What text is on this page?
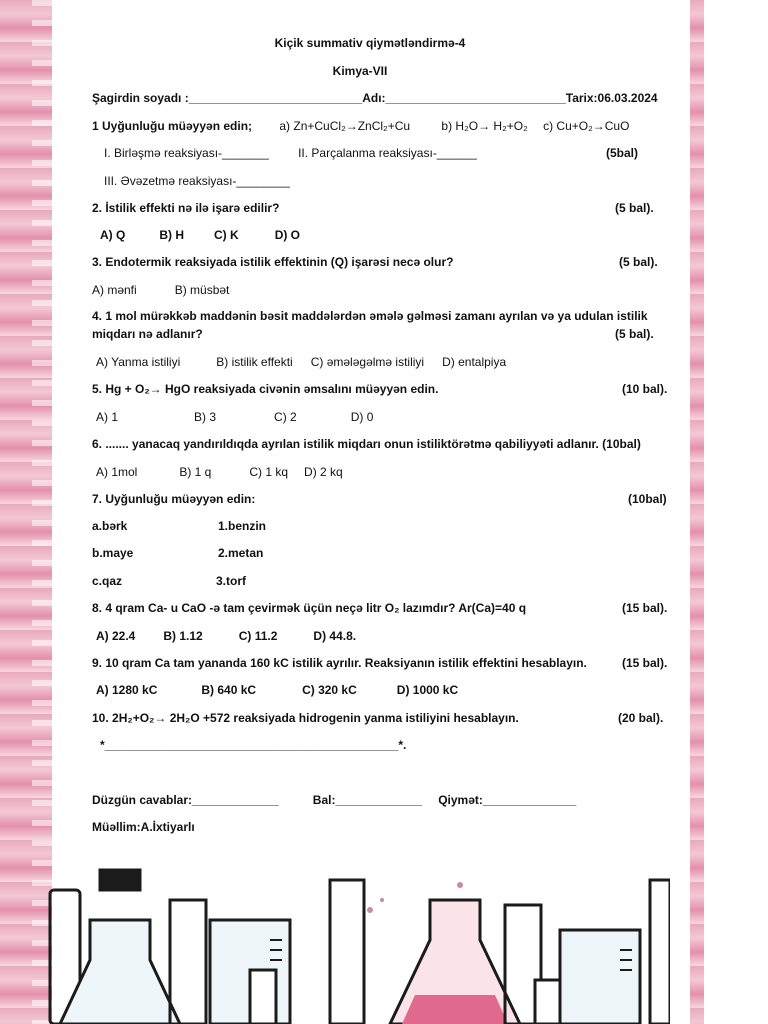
Kiçik summativ qiymətləndirmə-4
Kimya-VII
Şagirdin soyadı :__________________________Adı:___________________________Tarix:06.03.2024
1 Uyğunluğu müəyyən edin; a) Zn+CuCl₂→ZnCl₂+Cu	b) H₂O→ H₂+O₂ c) Cu+O₂→CuO
I. Birləşmə reaksiyası-_______ II. Parçalanma reaksiyası-______	(5bal)
III. Əvəzetmə reaksiyası-________
2. İstilik effekti nə ilə işarə edilir?	(5 bal).
A) Q	B) H	C) K	D) O
3. Endotermik reaksiyada istilik effektinin (Q) işarəsi necə olur?	(5 bal).
A) mənfi	B) müsbət
4. 1 mol mürəkkəb maddənin bəsit maddələrdən əmələ gəlməsi zamanı ayrılan və ya udulan istilik
miqdarı nə adlanır?	(5 bal).
A) Yanma istiliyi	B) istilik effekti C) əmələgəlmə istiliyi D) entalpiya
5. Hg + O₂→ HgO reaksiyada civənin əmsalını müəyyən edin.	(10 bal).
A) 1	B) 3	C) 2	D) 0
6. ....... yanacaq yandırıldıqda ayrılan istilik miqdarı onun istiliktörətmə qabiliyyəti adlanır. (10bal)
A) 1mol	B) 1 q	C) 1 kq D) 2 kq
7. Uyğunluğu müəyyən edin:	(10bal)
a.bərk	1.benzin
b.maye	2.metan
c.qaz	3.torf
8. 4 qram Ca- u CaO -ə tam çevirmək üçün neçə litr O₂ lazımdır? Ar(Ca)=40 q	(15 bal).
A) 22.4 B) 1.12	C) 11.2	D) 44.8.
9. 10 qram Ca tam yananda 160 kC istilik ayrılır. Reaksiyanın istilik effektini hesablayın.	(15 bal).
A) 1280 kC	B) 640 kC	C) 320 kC	D) 1000 kC
10. 2H₂+O₂→ 2H₂O +572 reaksiyada hidrogenin yanma istiliyini hesablayın.	(20 bal).
*____________________________________________*.
Düzgün cavablar:_____________	Bal:_____________ Qiymət:______________
Müəllim:A.İxtiyarlı
